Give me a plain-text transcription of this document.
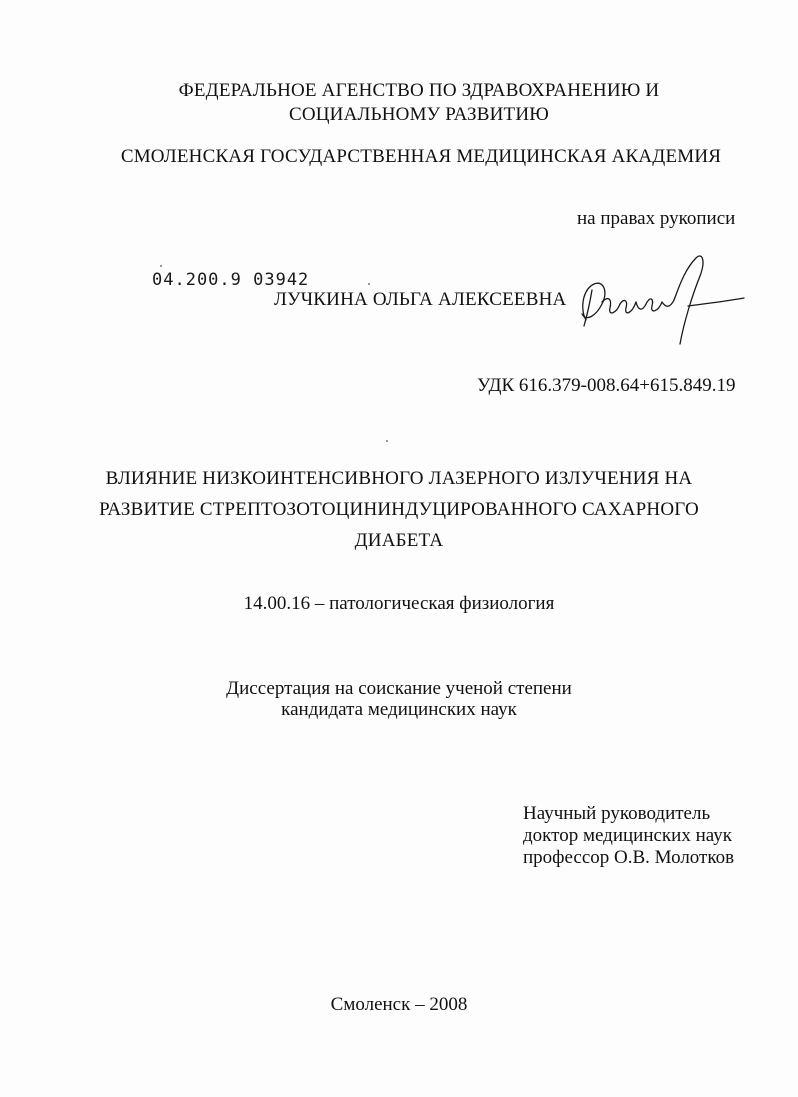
ФЕДЕРАЛЬНОЕ АГЕНСТВО ПО ЗДРАВОХРАНЕНИЮ И
СОЦИАЛЬНОМУ РАЗВИТИЮ
СМОЛЕНСКАЯ ГОСУДАРСТВЕННАЯ МЕДИЦИНСКАЯ АКАДЕМИЯ
на правах рукописи
04.200.9 03942
ЛУЧКИНА ОЛЬГА АЛЕКСЕЕВНА
УДК 616.379-008.64+615.849.19
ВЛИЯНИЕ НИЗКОИНТЕНСИВНОГО ЛАЗЕРНОГО ИЗЛУЧЕНИЯ НА
РАЗВИТИЕ СТРЕПТОЗОТОЦИНИНДУЦИРОВАННОГО САХАРНОГО
ДИАБЕТА
14.00.16 – патологическая физиология
Диссертация на соискание ученой степени
кандидата медицинских наук
Научный руководитель
доктор медицинских наук
профессор О.В. Молотков
Смоленск – 2008
